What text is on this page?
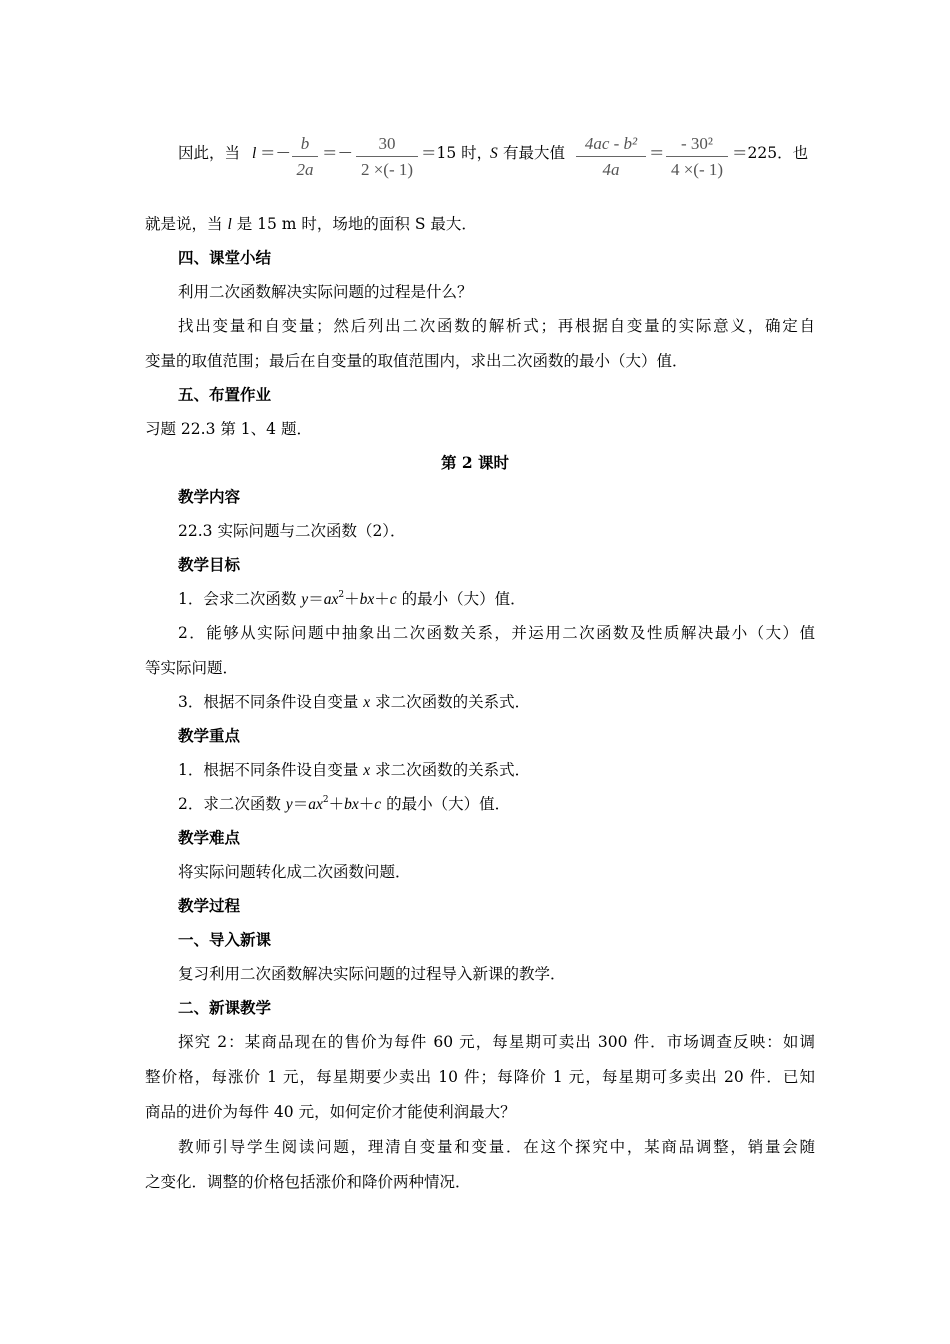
因此，当 $l =- \frac{b}{2a} =- \frac{30}{2 \times(- 1)} =15$ 时，
S 有最大值 $\frac{\text{4ac - b²}}{4a} = \frac{\text{- 30²}}{4 \times(- 1)} =225$．也
就是说，当 l 是 15 m 时，场地的面积 S 最大．
四、课堂小结
利用二次函数解决实际问题的过程是什么？
找出变量和自变量；然后列出二次函数的解析式；再根据自变量的实际意义，确定自
变量的取值范围；最后在自变量的取值范围内，求出二次函数的最小（大）值．
五、布置作业
习题 22.3 第 1、4 题．
第 2 课时
教学内容
22.3 实际问题与二次函数（2）．
教学目标
1．会求二次函数 $y=ax^2+bx+c$ 的最小（大）值．
2．能够从实际问题中抽象出二次函数关系，并运用二次函数及性质解决最小（大）值
等实际问题．
3．根据不同条件设自变量 x 求二次函数的关系式．
教学重点
1．根据不同条件设自变量 x 求二次函数的关系式．
2．求二次函数 $y=ax^2+bx+c$ 的最小（大）值．
教学难点
将实际问题转化成二次函数问题．
教学过程
一、导入新课
复习利用二次函数解决实际问题的过程导入新课的教学．
二、新课教学
探究 2：某商品现在的售价为每件 60 元，每星期可卖出 300 件．市场调查反映：如调
整价格，每涨价 1 元，每星期要少卖出 10 件；每降价 1 元，每星期可多卖出 20 件．已知
商品的进价为每件 40 元，如何定价才能使利润最大？
教师引导学生阅读问题，理清自变量和变量．在这个探究中，某商品调整，销量会随
之变化．调整的价格包括涨价和降价两种情况．
